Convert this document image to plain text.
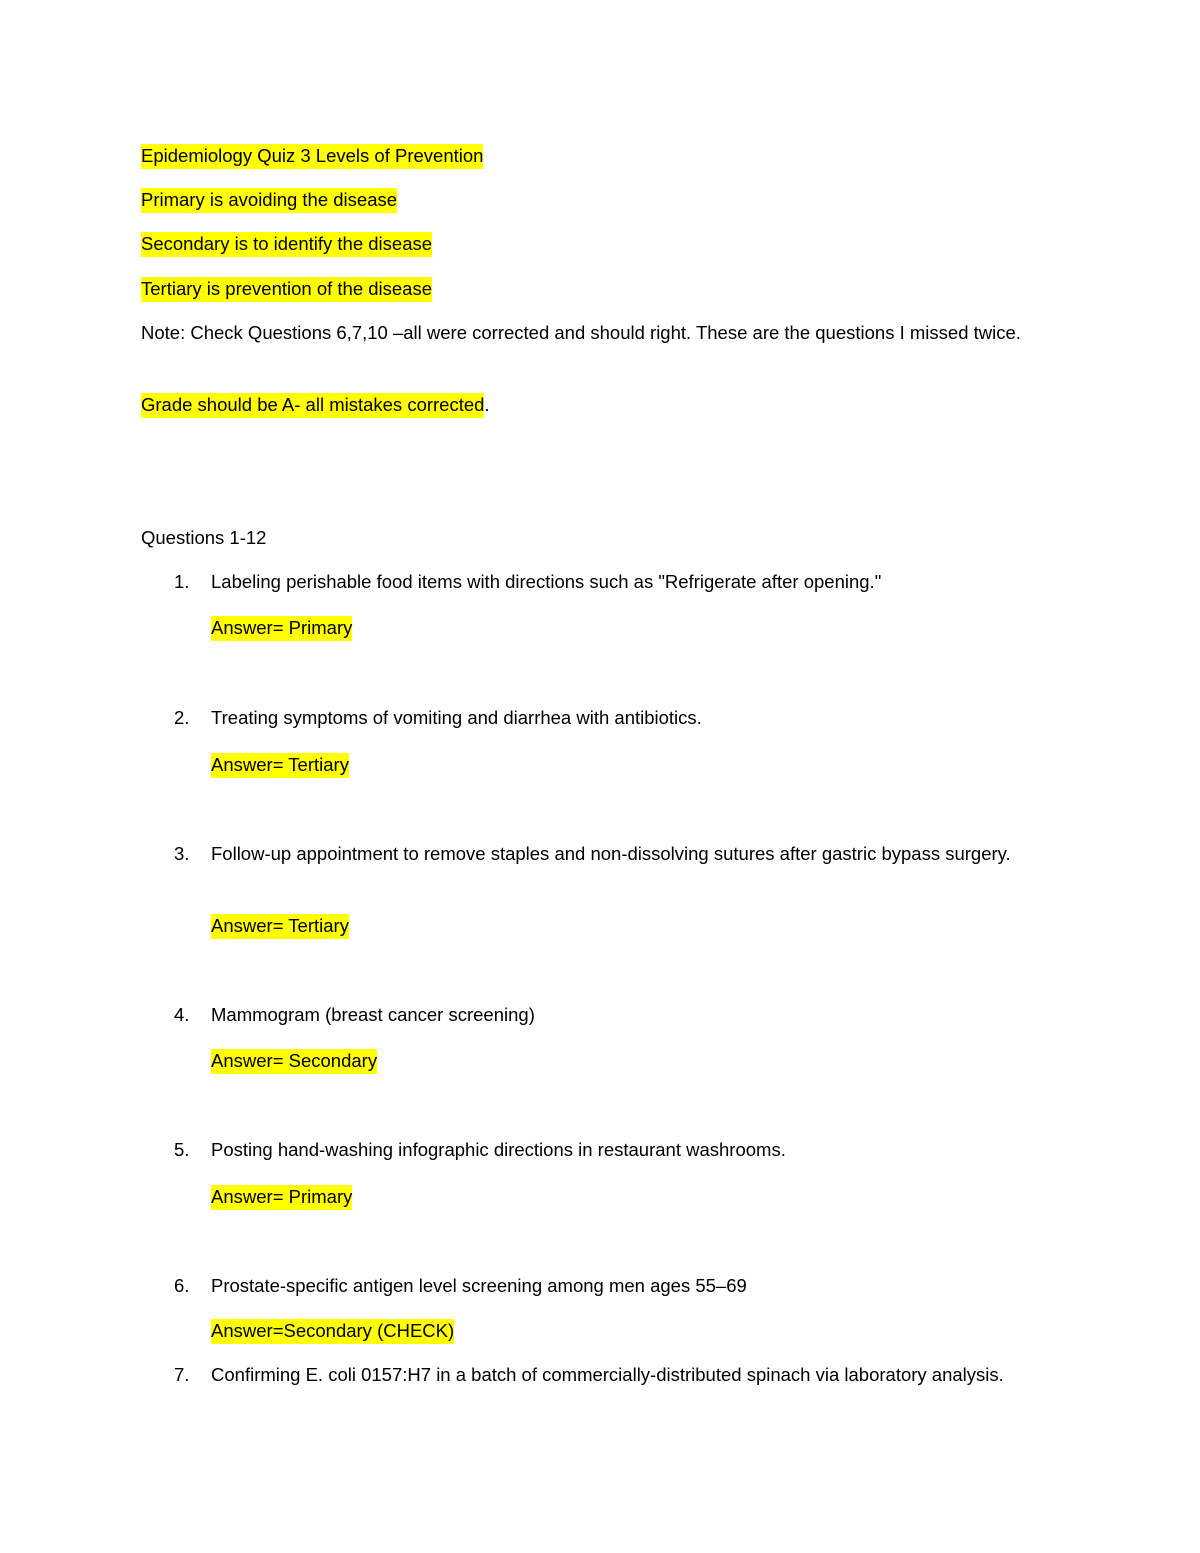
Epidemiology Quiz 3 Levels of Prevention
Primary is avoiding the disease
Secondary is to identify the disease
Tertiary is prevention of the disease
Note: Check Questions 6,7,10 –all were corrected and should right. These are the questions I missed twice.
Grade should be A- all mistakes corrected.
Questions 1-12
1. Labeling perishable food items with directions such as "Refrigerate after opening."
Answer= Primary
2. Treating symptoms of vomiting and diarrhea with antibiotics.
Answer= Tertiary
3. Follow-up appointment to remove staples and non-dissolving sutures after gastric bypass surgery.
Answer= Tertiary
4. Mammogram (breast cancer screening)
Answer= Secondary
5. Posting hand-washing infographic directions in restaurant washrooms.
Answer= Primary
6. Prostate-specific antigen level screening among men ages 55–69
Answer=Secondary (CHECK)
7. Confirming E. coli 0157:H7 in a batch of commercially-distributed spinach via laboratory analysis.
